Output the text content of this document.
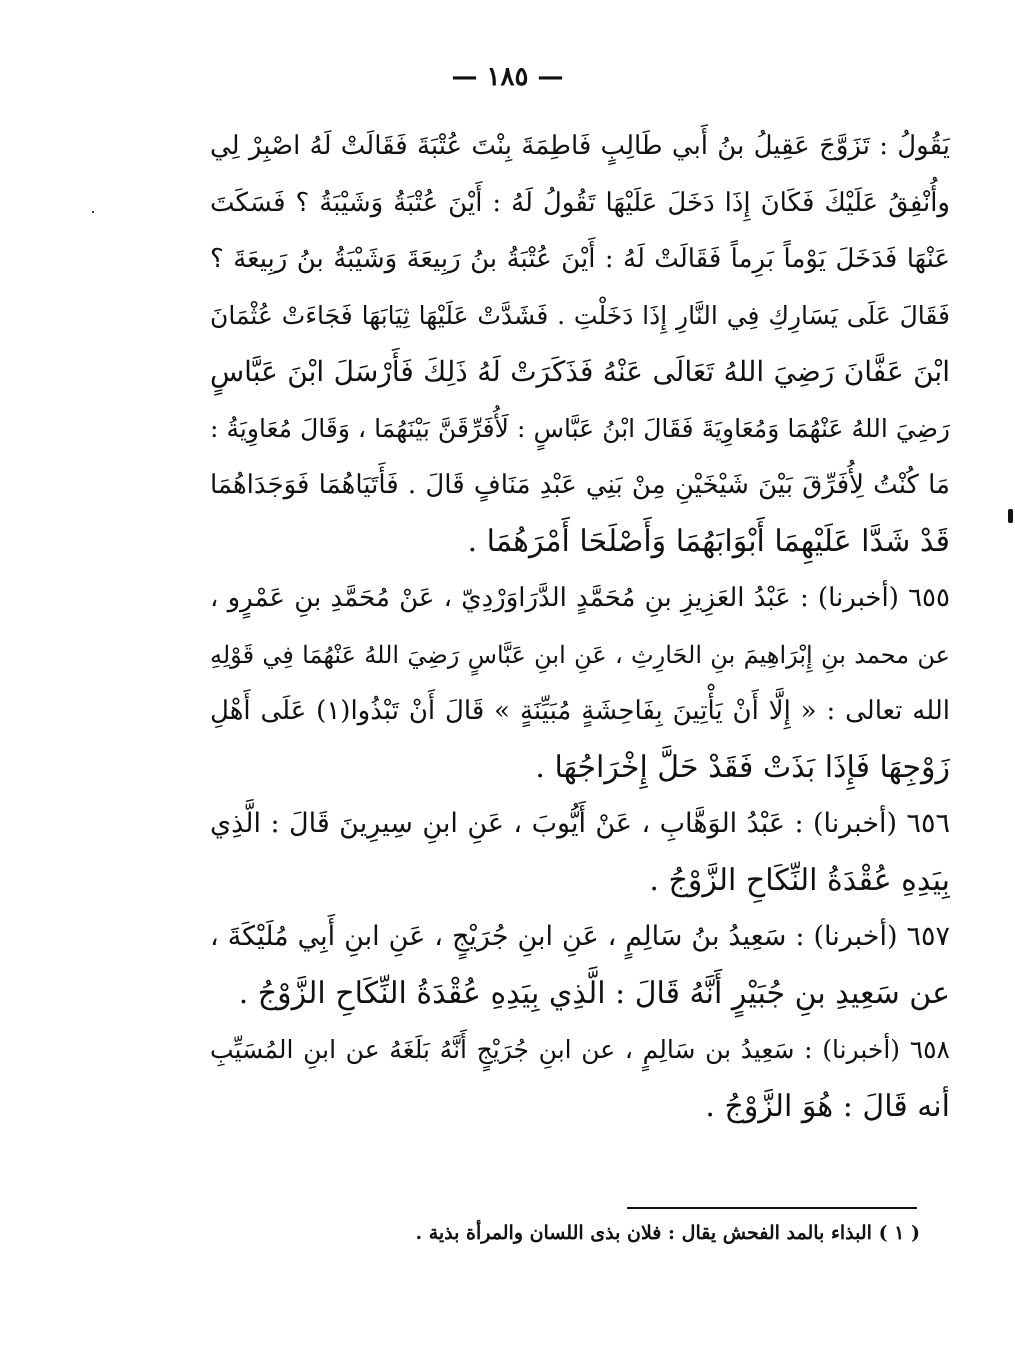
— ١٨٥ —
يَقُولُ : تَزَوَّجَ عَقِيلُ بنُ أَبي طَالِبٍ فَاطِمَةَ بِنْتَ عُتْبَةَ فَقَالَتْ لَهُ اصْبِرْ لِي
وأُنْفِقُ عَلَيْكَ فَكَانَ إِذَا دَخَلَ عَلَيْهَا تَقُولُ لَهُ : أَيْنَ عُتْبَةُ وَشَيْبَةُ ؟ فَسَكَتَ
عَنْهَا فَدَخَلَ يَوْماً بَرِماً فَقَالَتْ لَهُ : أَيْنَ عُتْبَةُ بنُ رَبِيعَةَ وَشَيْبَةُ بنُ رَبِيعَةَ ؟
فَقَالَ عَلَى يَسَارِكِ فِي النَّارِ إِذَا دَخَلْتِ . فَشَدَّتْ عَلَيْهَا ثِيَابَهَا فَجَاءَتْ عُثْمَانَ
ابْنَ عَفَّانَ رَضِيَ اللهُ تَعَالَى عَنْهُ فَذَكَرَتْ لَهُ ذَلِكَ فَأَرْسَلَ ابْنَ عَبَّاسٍ
رَضِيَ اللهُ عَنْهُمَا وَمُعَاوِيَةَ فَقَالَ ابْنُ عَبَّاسٍ : لَأُفَرِّقَنَّ بَيْنَهُمَا ، وَقَالَ مُعَاوِيَةُ :
مَا كُنْتُ لِأُفَرِّقَ بَيْنَ شَيْخَيْنِ مِنْ بَنِي عَبْدِ مَنَافٍ قَالَ . فَأَتَيَاهُمَا فَوَجَدَاهُمَا
قَدْ شَدَّا عَلَيْهِمَا أَبْوَابَهُمَا وَأَصْلَحَا أَمْرَهُمَا .
٦٥٥ (أخبرنا) : عَبْدُ العَزِيزِ بنِ مُحَمَّدٍ الدَّرَاوَرْدِيّ ، عَنْ مُحَمَّدِ بنِ عَمْرٍو ،
عن محمد بنِ إِبْرَاهِيمَ بنِ الحَارِثِ ، عَنِ ابنِ عَبَّاسٍ رَضِيَ اللهُ عَنْهُمَا فِي قَوْلِهِ
الله تعالى : « إِلَّا أَنْ يَأْتِينَ بِفَاحِشَةٍ مُبَيِّنَةٍ » قَالَ أَنْ تَبْذُوا(١) عَلَى أَهْلِ
زَوْجِهَا فَإِذَا بَذَتْ فَقَدْ حَلَّ إِخْرَاجُهَا .
٦٥٦ (أخبرنا) : عَبْدُ الوَهَّابِ ، عَنْ أَيُّوبَ ، عَنِ ابنِ سِيرِينَ قَالَ : الَّذِي
بِيَدِهِ عُقْدَةُ النِّكَاحِ الزَّوْجُ .
٦٥٧ (أخبرنا) : سَعِيدُ بنُ سَالِمٍ ، عَنِ ابنِ جُرَيْجٍ ، عَنِ ابنِ أَبِي مُلَيْكَةَ ،
عن سَعِيدِ بنِ جُبَيْرٍ أَنَّهُ قَالَ : الَّذِي بِيَدِهِ عُقْدَةُ النِّكَاحِ الزَّوْجُ .
٦٥٨ (أخبرنا) : سَعِيدُ بن سَالِمٍ ، عن ابنِ جُرَيْجٍ أَنَّهُ بَلَغَهُ عن ابنِ المُسَيِّبِ
أنه قَالَ : هُوَ الزَّوْجُ .
( ١ ) البذاء بالمد الفحش يقال : فلان بذى اللسان والمرأة بذية .
